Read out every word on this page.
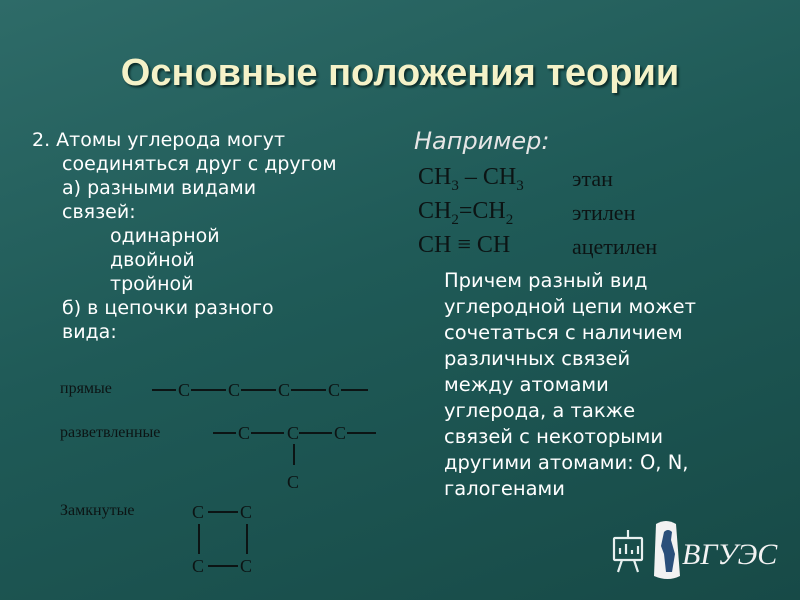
Основные положения теории
2. Атомы углерода могут
соединяться друг с другом
а) разными видами
связей:
одинарной
двойной
тройной
б) в цепочки разного
вида:
Например:
$CH_3$ ‒ $CH_3$ этан
$CH_2=CH_2$	этилен
CH ≡ CH	ацетилен
прямые
разветвленные
Замкнутые
C C C C
C C C
C
C C
C C
Причем разный вид
углеродной цепи может
сочетаться с наличием
различных связей
между атомами
углерода, а также
связей с некоторыми
другими атомами: O, N,
галогенами
ВГУЭС
